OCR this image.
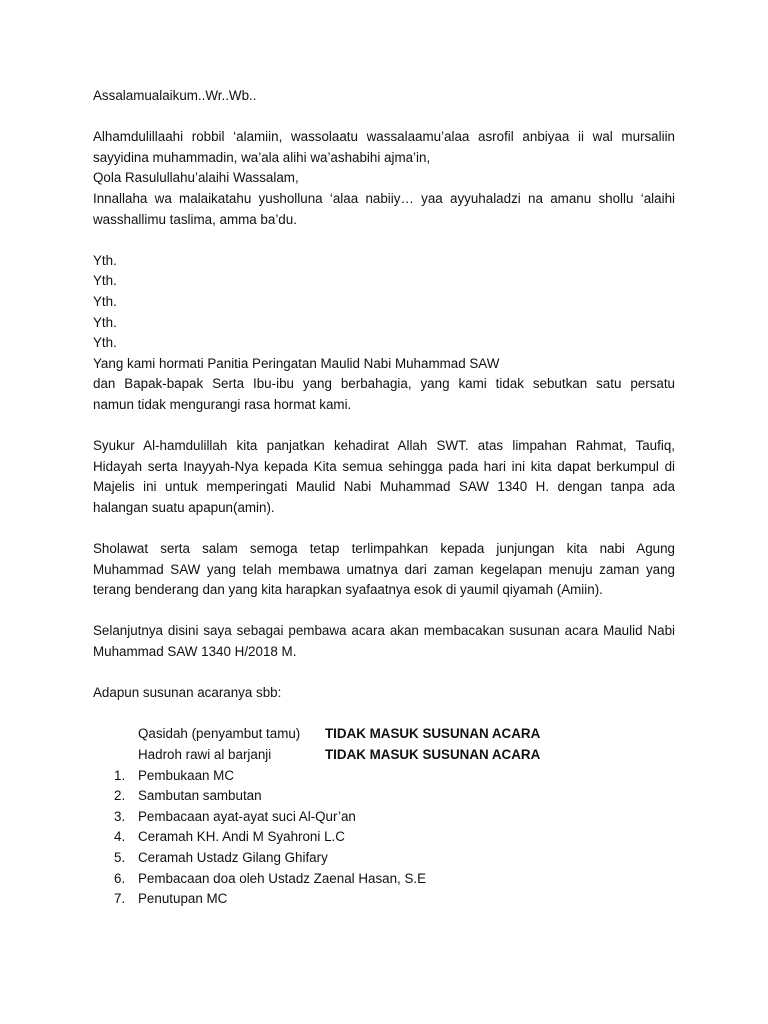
Assalamualaikum..Wr..Wb..

Alhamdulillaahi robbil ‘alamiin, wassolaatu wassalaamu’alaa asrofil anbiyaa ii wal mursaliin
sayyidina muhammadin, wa’ala alihi wa’ashabihi ajma’in,
Qola Rasulullahu’alaihi Wassalam,
Innallaha wa malaikatahu yusholluna ‘alaa nabiiy… yaa ayyuhaladzi na amanu shollu ‘alaihi
wasshallimu taslima, amma ba’du.
Yth.
Yth.
Yth.
Yth.
Yth.
Yang kami hormati Panitia Peringatan Maulid Nabi Muhammad SAW
dan Bapak-bapak Serta Ibu-ibu yang berbahagia, yang kami tidak sebutkan satu persatu
namun tidak mengurangi rasa hormat kami.
Syukur Al-hamdulillah kita panjatkan kehadirat Allah SWT. atas limpahan Rahmat, Taufiq,
Hidayah serta Inayyah-Nya kepada Kita semua sehingga pada hari ini kita dapat berkumpul di
Majelis ini untuk memperingati Maulid Nabi Muhammad SAW 1340 H. dengan tanpa ada
halangan suatu apapun(amin).
Sholawat serta salam semoga tetap terlimpahkan kepada junjungan kita nabi Agung
Muhammad SAW yang telah membawa umatnya dari zaman kegelapan menuju zaman yang
terang benderang dan yang kita harapkan syafaatnya esok di yaumil qiyamah (Amiin).
Selanjutnya disini saya sebagai pembawa acara akan membacakan susunan acara Maulid Nabi
Muhammad SAW 1340 H/2018 M.

Adapun susunan acaranya sbb:

Qasidah (penyambut tamu)	TIDAK MASUK SUSUNAN ACARA
Hadroh rawi al barjanji	TIDAK MASUK SUSUNAN ACARA
1. Pembukaan MC
2. Sambutan sambutan
3. Pembacaan ayat-ayat suci Al-Qur’an
4. Ceramah KH. Andi M Syahroni L.C
5. Ceramah Ustadz Gilang Ghifary
6. Pembacaan doa oleh Ustadz Zaenal Hasan, S.E
7. Penutupan MC
